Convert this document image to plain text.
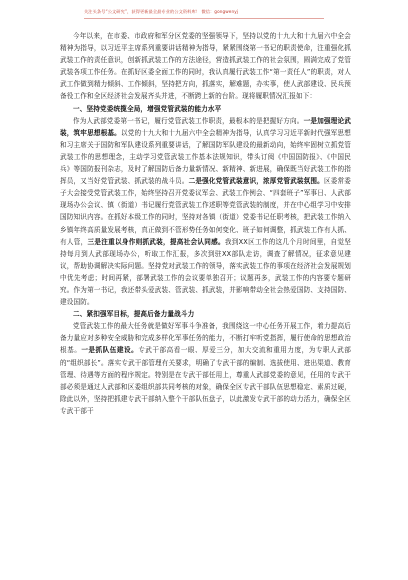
关注头条号“公文研究”，获得更新最全最专业的公文资料库！ 微信：gongwenyj

今年以来，在市委、市政府和军分区党委的坚强领导下，坚持以党的十九大和十九届六中全会精神为指导，以习近平主席系列重要讲话精神为指导，紧紧围绕第一书记的职责使命，注重强化抓武装工作的责任意识，创新抓武装工作的方法途径，营造抓武装工作的社会氛围，圆满完成了党管武装各项工作任务。在抓好区委全面工作的同时，我认真履行武装工作“第一责任人”的职责，对人武工作做到精力倾斜、工作倾斜，坚持把方向，抓落实，解难题，办实事，使人武部建设、民兵预备役工作和全区经济社会发展齐头并进，不断跨上新的台阶。现将履职情况汇报如下：

一、坚持党委统揽全局，增强党管武装的能力水平

作为人武部党委第一书记，履行党管武装工作职责，最根本的是把握好方向。一是加强理论武装，筑牢思想根基。以党的十九大和十九届六中全会精神为指导，认真学习习近平新时代强军思想和习主席关于国防和军队建设系列重要讲话，了解国防军队建设的最新动向，始终牢固树立抓党管武装工作的思想理念，主动学习党管武装工作基本法规知识，带头订阅《中国国防报》、《中国民兵》等国防报刊杂志，及时了解国防后备力量新情况、新精神、新进展，确保既当好武装工作的指挥员，又当好党管武装、抓武装的战斗员。二是强化党管武装意识，浓厚党管武装氛围。区委常委子大会接受党管武装工作，始终坚持召开党委议军会、武装工作例会、“四套班子”军事日、人武部现场办公会议、镇（街道）书记履行党管武装工作述职等党管武装的制度，并在中心组学习中安排国防知识内容。在抓好本级工作的同时，坚持对各镇（街道）党委书记任职考核，把武装工作纳入乡镇年终高质量发展考核，真正做到不管形势任务如何变化、班子如何调整，抓武装工作有人抓、有人管，三是注重以身作则抓武装，提高社会认同感。我到XX区工作的这几个月时间里，自觉坚持每月到人武部现场办公，听取工作汇报，多次到驻XX部队走访，调查了解情况，征求意见建议，帮助协调解决实际问题。坚持党对武装工作的领导，落实武装工作的事项在经济社会发展规划中优先考虑；时间再紧，部署武装工作的会议要单独召开；议题再多，武装工作的内容要专题研究。作为第一书记，我还带头爱武装、管武装、抓武装，并影响带动全社会热爱国防、支持国防、建设国防。

二、紧扣强军目标，提高后备力量战斗力

党管武装工作的最大任务就是做好军事斗争准备，我围绕这一中心任务开展工作，着力提高后备力量应对多种安全威胁和完成多样化军事任务的能力，不断打牢听党指挥，履行使命的思想政治根基。一是抓队伍建设。专武干部高看一眼、厚爱三分，加大交流和重用力度，为专职人武部的“组织部长”。落实专武干部管理有关要求，明确了专武干部的编制、选拔使用、进出渠道、教育管理、待遇等方面的程序规定。特别是在专武干部任用上，尊重人武部党委的意见，任用的专武干部必须是通过人武部和区委组织部共同考核的对象，确保全区专武干部队伍思想稳定、素质过硬，除此以外，坚持把抓建专武干部纳入整个干部队伍盘子，以此激发专武干部的动力活力，确保全区专武干部干
